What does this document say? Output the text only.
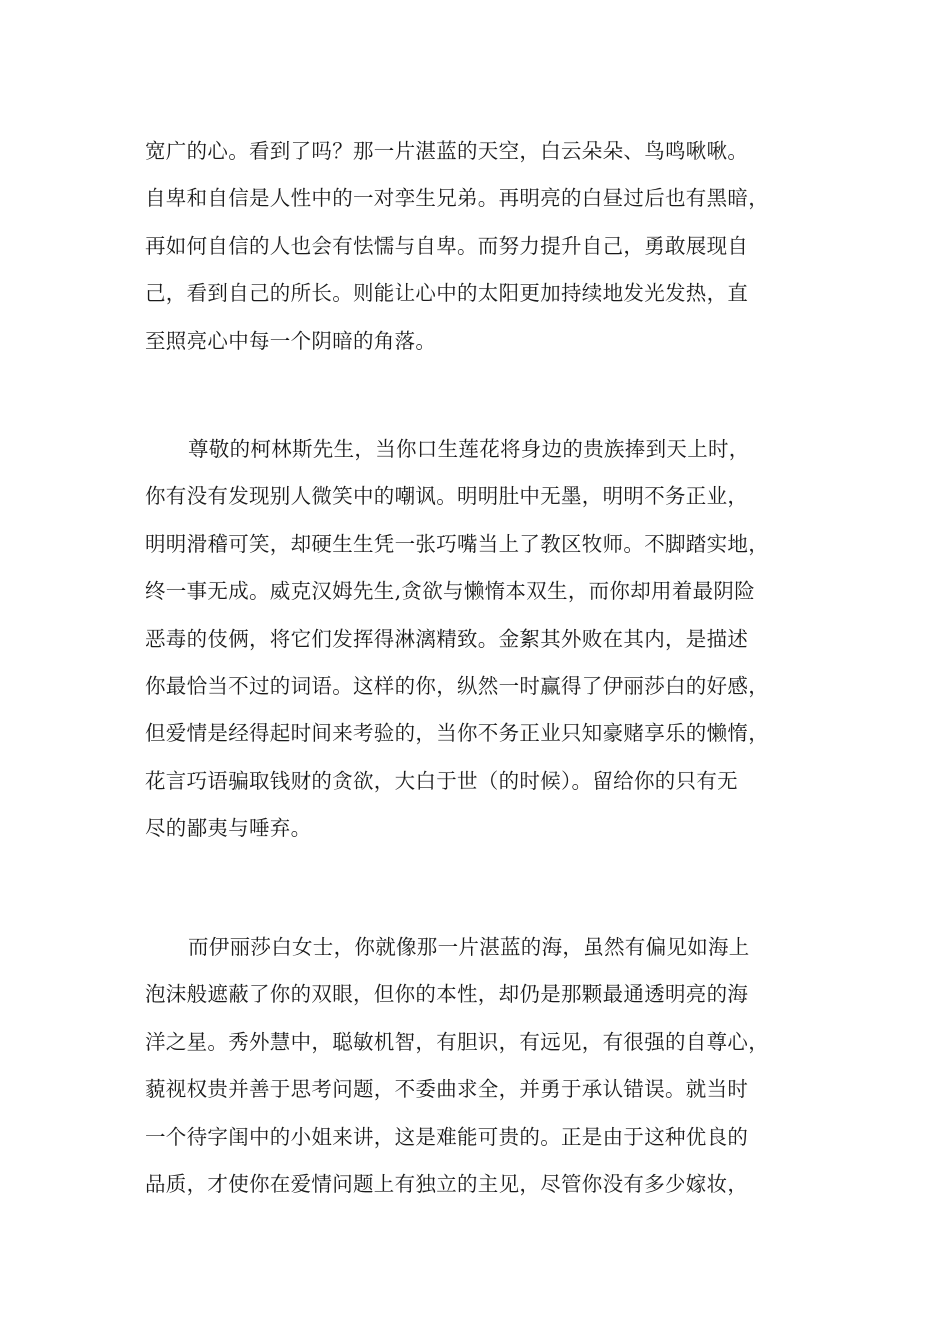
宽广的心。看到了吗？那一片湛蓝的天空，白云朵朵、鸟鸣啾啾。
自卑和自信是人性中的一对孪生兄弟。再明亮的白昼过后也有黑暗，
再如何自信的人也会有怯懦与自卑。而努力提升自己，勇敢展现自
己，看到自己的所长。则能让心中的太阳更加持续地发光发热，直
至照亮心中每一个阴暗的角落。
尊敬的柯林斯先生，当你口生莲花将身边的贵族捧到天上时，
你有没有发现别人微笑中的嘲讽。明明肚中无墨，明明不务正业，
明明滑稽可笑，却硬生生凭一张巧嘴当上了教区牧师。不脚踏实地，
终一事无成。威克汉姆先生,贪欲与懒惰本双生，而你却用着最阴险
恶毒的伎俩，将它们发挥得淋漓精致。金絮其外败在其内，是描述
你最恰当不过的词语。这样的你，纵然一时赢得了伊丽莎白的好感，
但爱情是经得起时间来考验的，当你不务正业只知豪赌享乐的懒惰，
花言巧语骗取钱财的贪欲，大白于世（的时候）。留给你的只有无
尽的鄙夷与唾弃。
而伊丽莎白女士，你就像那一片湛蓝的海，虽然有偏见如海上
泡沫般遮蔽了你的双眼，但你的本性，却仍是那颗最通透明亮的海
洋之星。秀外慧中，聪敏机智，有胆识，有远见，有很强的自尊心，
藐视权贵并善于思考问题，不委曲求全，并勇于承认错误。就当时
一个待字闺中的小姐来讲，这是难能可贵的。正是由于这种优良的
品质，才使你在爱情问题上有独立的主见，尽管你没有多少嫁妆，
